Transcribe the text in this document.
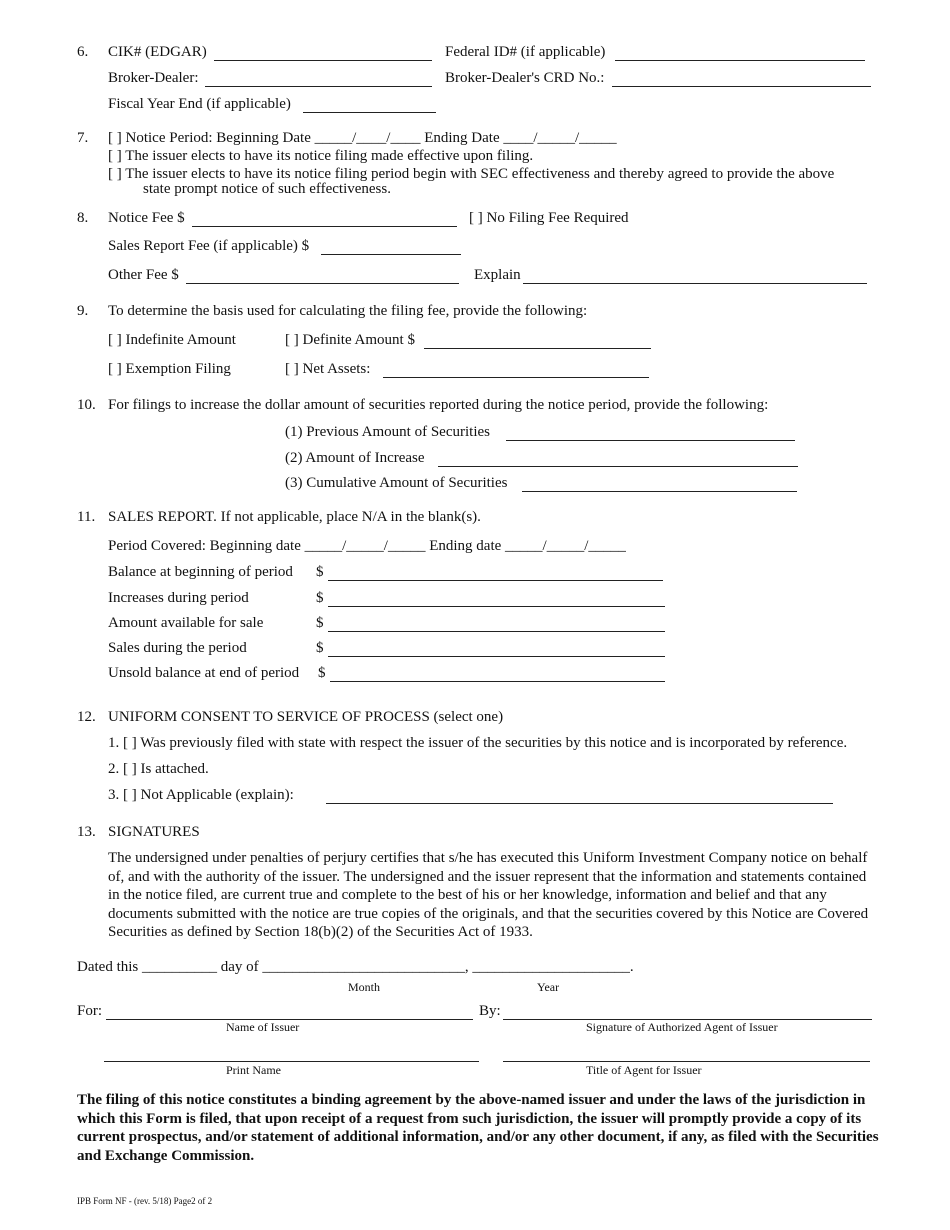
6. CIK# (EDGAR)	Federal ID# (if applicable)
Broker-Dealer:	Broker-Dealer's CRD No.:
Fiscal Year End (if applicable)
7. [ ] Notice Period: Beginning Date _____/____/____ Ending Date ____/_____/_____
[ ] The issuer elects to have its notice filing made effective upon filing.
[ ] The issuer elects to have its notice filing period begin with SEC effectiveness and thereby agreed to provide the above
state prompt notice of such effectiveness.
8. Notice Fee $	[ ] No Filing Fee Required
Sales Report Fee (if applicable) $
Other Fee $	Explain
9. To determine the basis used for calculating the filing fee, provide the following:
[ ] Indefinite Amount	[ ] Definite Amount $
[ ] Exemption Filing	[ ] Net Assets:
10. For filings to increase the dollar amount of securities reported during the notice period, provide the following:
(1) Previous Amount of Securities
(2) Amount of Increase
(3) Cumulative Amount of Securities
11. SALES REPORT. If not applicable, place N/A in the blank(s).
Period Covered: Beginning date _____/_____/_____ Ending date _____/_____/_____
Balance at beginning of period $
Increases during period	$
Amount available for sale	$
Sales during the period	$
Unsold balance at end of period $
12. UNIFORM CONSENT TO SERVICE OF PROCESS (select one)
1. [ ] Was previously filed with state with respect the issuer of the securities by this notice and is incorporated by reference.
2. [ ] Is attached.
3. [ ] Not Applicable (explain):
13. SIGNATURES
The undersigned under penalties of perjury certifies that s/he has executed this Uniform Investment Company notice on behalf of, and with the authority of the issuer. The undersigned and the issuer represent that the information and statements contained in the notice filed, are current true and complete to the best of his or her knowledge, information and belief and that any documents submitted with the notice are true copies of the originals, and that the securities covered by this Notice are Covered Securities as defined by Section 18(b)(2) of the Securities Act of 1933.
Dated this __________ day of ___________________________, _____________________.
Month	Year
For:	By:
Name of Issuer	Signature of Authorized Agent of Issuer
Print Name	Title of Agent for Issuer
The filing of this notice constitutes a binding agreement by the above-named issuer and under the laws of the jurisdiction in which this Form is filed, that upon receipt of a request from such jurisdiction, the issuer will promptly provide a copy of its current prospectus, and/or statement of additional information, and/or any other document, if any, as filed with the Securities and Exchange Commission.
IPB Form NF - (rev. 5/18) Page2 of 2
